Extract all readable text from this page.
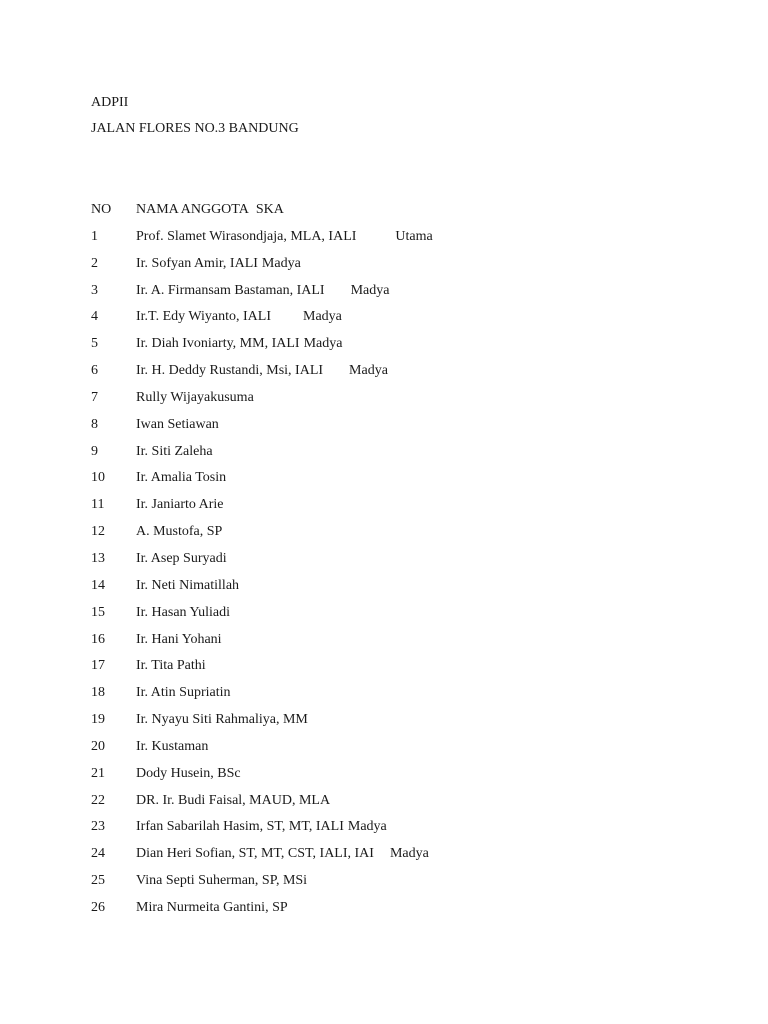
ADPII
JALAN FLORES NO.3 BANDUNG
NO NAMA ANGGOTA SKA
1	Prof. Slamet Wirasondjaja, MLA, IALI	Utama
2	Ir. Sofyan Amir, IALI Madya
3	Ir. A. Firmansam Bastaman, IALI Madya
4	Ir.T. Edy Wiyanto, IALI Madya
5	Ir. Diah Ivoniarty, MM, IALI Madya
6	Ir. H. Deddy Rustandi, Msi, IALI Madya
7	Rully Wijayakusuma
8	Iwan Setiawan
9	Ir. Siti Zaleha
10 Ir. Amalia Tosin
11 Ir. Janiarto Arie
12 A. Mustofa, SP
13 Ir. Asep Suryadi
14 Ir. Neti Nimatillah
15 Ir. Hasan Yuliadi
16 Ir. Hani Yohani
17 Ir. Tita Pathi
18 Ir. Atin Supriatin
19 Ir. Nyayu Siti Rahmaliya, MM
20 Ir. Kustaman
21 Dody Husein, BSc
22 DR. Ir. Budi Faisal, MAUD, MLA
23 Irfan Sabarilah Hasim, ST, MT, IALI Madya
24 Dian Heri Sofian, ST, MT, CST, IALI, IAI Madya
25 Vina Septi Suherman, SP, MSi
26 Mira Nurmeita Gantini, SP
